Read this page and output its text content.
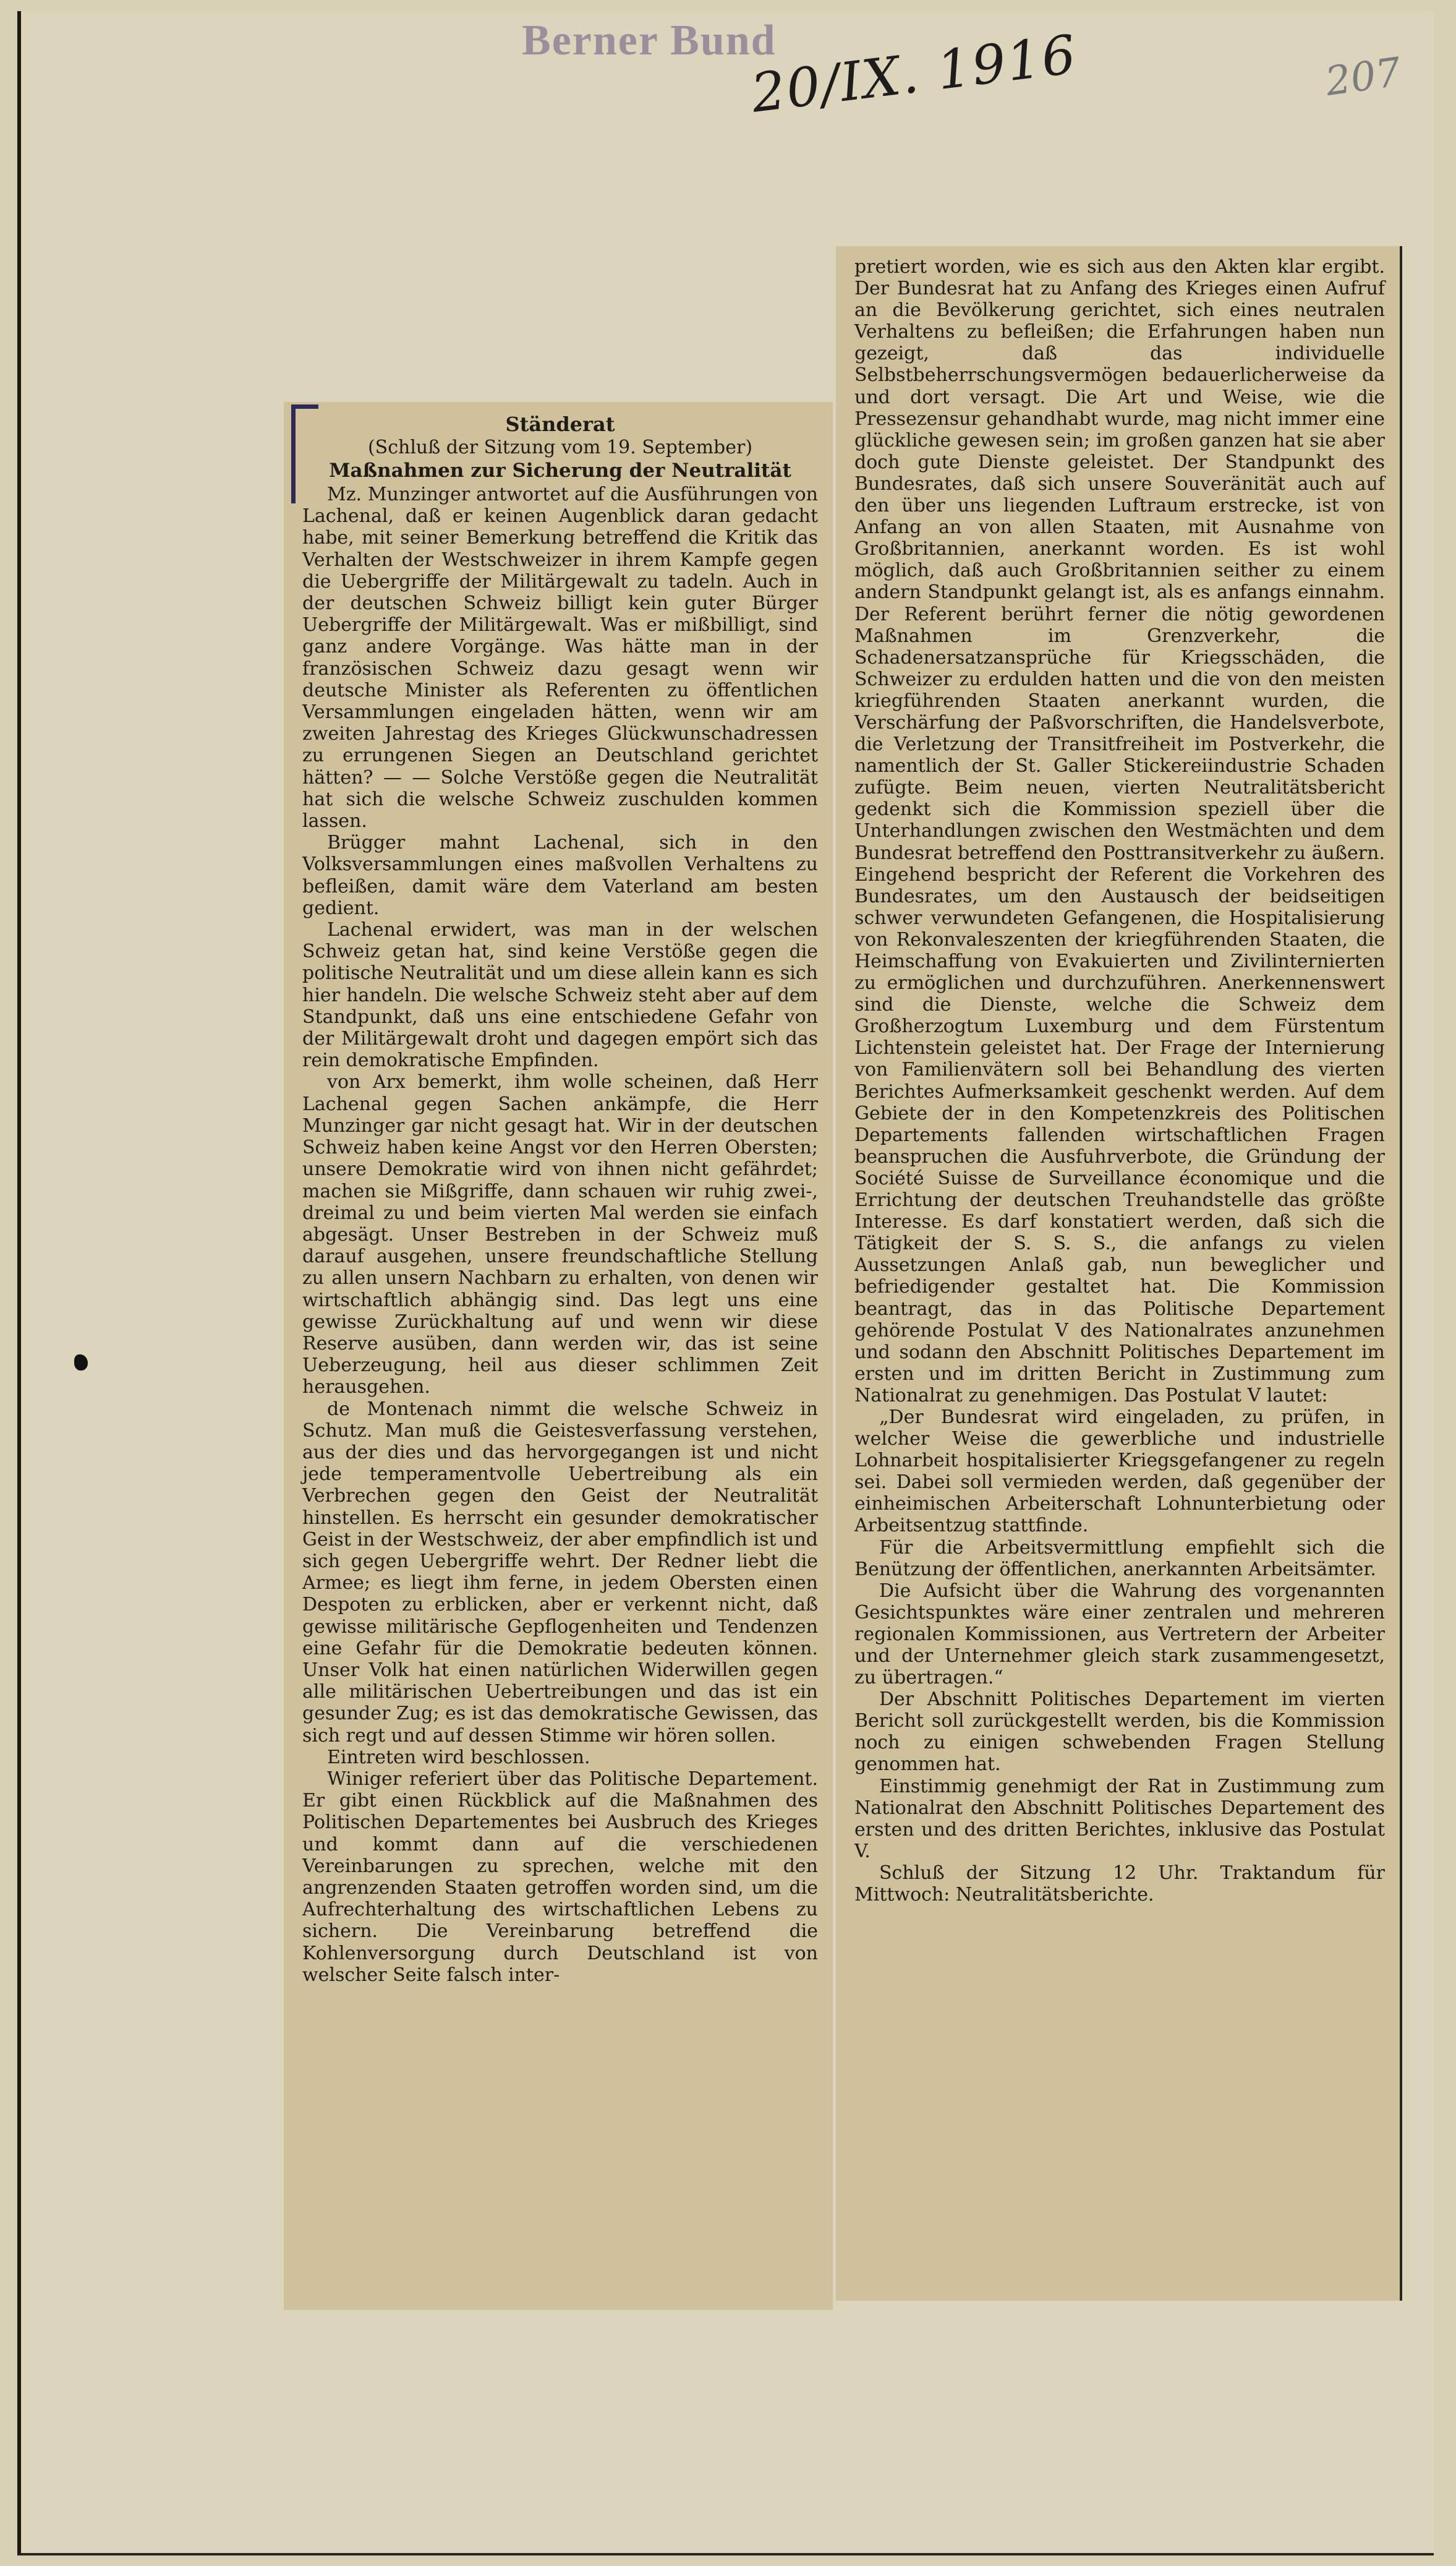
Berner Bund
20/IX. 1916	207
Ständerat
(Schluß der Sitzung vom 19. September)
Maßnahmen zur Sicherung der Neutralität

Mz. Munzinger antwortet auf die Ausführungen von Lachenal, daß er keinen Augenblick daran gedacht habe, mit seiner Bemerkung betreffend die Kritik das Verhalten der Westschweizer in ihrem Kampfe gegen die Uebergriffe der Militärgewalt zu tadeln. Auch in der deutschen Schweiz billigt kein guter Bürger Uebergriffe der Militärgewalt. Was er mißbilligt, sind ganz andere Vorgänge. Was hätte man in der französischen Schweiz dazu gesagt wenn wir deutsche Minister als Referenten zu öffentlichen Versammlungen eingeladen hätten, wenn wir am zweiten Jahrestag des Krieges Glückwunschadressen zu errungenen Siegen an Deutschland gerichtet hätten? — — Solche Verstöße gegen die Neutralität hat sich die welsche Schweiz zuschulden kommen lassen.

Brügger mahnt Lachenal, sich in den Volksversammlungen eines maßvollen Verhaltens zu befleißen, damit wäre dem Vaterland am besten gedient.

Lachenal erwidert, was man in der welschen Schweiz getan hat, sind keine Verstöße gegen die politische Neutralität und um diese allein kann es sich hier handeln. Die welsche Schweiz steht aber auf dem Standpunkt, daß uns eine entschiedene Gefahr von der Militärgewalt droht und dagegen empört sich das rein demokratische Empfinden.

von Arx bemerkt, ihm wolle scheinen, daß Herr Lachenal gegen Sachen ankämpfe, die Herr Munzinger gar nicht gesagt hat. Wir in der deutschen Schweiz haben keine Angst vor den Herren Obersten; unsere Demokratie wird von ihnen nicht gefährdet; machen sie Mißgriffe, dann schauen wir ruhig zwei-, dreimal zu und beim vierten Mal werden sie einfach abgesägt. Unser Bestreben in der Schweiz muß darauf ausgehen, unsere freundschaftliche Stellung zu allen unsern Nachbarn zu erhalten, von denen wir wirtschaftlich abhängig sind. Das legt uns eine gewisse Zurückhaltung auf und wenn wir diese Reserve ausüben, dann werden wir, das ist seine Ueberzeugung, heil aus dieser schlimmen Zeit herausgehen.

de Montenach nimmt die welsche Schweiz in Schutz. Man muß die Geistesverfassung verstehen, aus der dies und das hervorgegangen ist und nicht jede temperamentvolle Uebertreibung als ein Verbrechen gegen den Geist der Neutralität hinstellen. Es herrscht ein gesunder demokratischer Geist in der Westschweiz, der aber empfindlich ist und sich gegen Uebergriffe wehrt. Der Redner liebt die Armee; es liegt ihm ferne, in jedem Obersten einen Despoten zu erblicken, aber er verkennt nicht, daß gewisse militärische Gepflogenheiten und Tendenzen eine Gefahr für die Demokratie bedeuten können. Unser Volk hat einen natürlichen Widerwillen gegen alle militärischen Uebertreibungen und das ist ein gesunder Zug; es ist das demokratische Gewissen, das sich regt und auf dessen Stimme wir hören sollen.

Eintreten wird beschlossen.

Winiger referiert über das Politische Departement. Er gibt einen Rückblick auf die Maßnahmen des Politischen Departementes bei Ausbruch des Krieges und kommt dann auf die verschiedenen Vereinbarungen zu sprechen, welche mit den angrenzenden Staaten getroffen worden sind, um die Aufrechterhaltung des wirtschaftlichen Lebens zu sichern. Die Vereinbarung betreffend die Kohlenversorgung durch Deutschland ist von welscher Seite falsch inter-

pretiert worden, wie es sich aus den Akten klar ergibt. Der Bundesrat hat zu Anfang des Krieges einen Aufruf an die Bevölkerung gerichtet, sich eines neutralen Verhaltens zu befleißen; die Erfahrungen haben nun gezeigt, daß das individuelle Selbstbeherrschungsvermögen bedauerlicherweise da und dort versagt. Die Art und Weise, wie die Pressezensur gehandhabt wurde, mag nicht immer eine glückliche gewesen sein; im großen ganzen hat sie aber doch gute Dienste geleistet. Der Standpunkt des Bundesrates, daß sich unsere Souveränität auch auf den über uns liegenden Luftraum erstrecke, ist von Anfang an von allen Staaten, mit Ausnahme von Großbritannien, anerkannt worden. Es ist wohl möglich, daß auch Großbritannien seither zu einem andern Standpunkt gelangt ist, als es anfangs einnahm. Der Referent berührt ferner die nötig gewordenen Maßnahmen im Grenzverkehr, die Schadenersatzansprüche für Kriegsschäden, die Schweizer zu erdulden hatten und die von den meisten kriegführenden Staaten anerkannt wurden, die Verschärfung der Paßvorschriften, die Handelsverbote, die Verletzung der Transitfreiheit im Postverkehr, die namentlich der St. Galler Stickereiindustrie Schaden zufügte. Beim neuen, vierten Neutralitätsbericht gedenkt sich die Kommission speziell über die Unterhandlungen zwischen den Westmächten und dem Bundesrat betreffend den Posttransitverkehr zu äußern. Eingehend bespricht der Referent die Vorkehren des Bundesrates, um den Austausch der beidseitigen schwer verwundeten Gefangenen, die Hospitalisierung von Rekonvaleszenten der kriegführenden Staaten, die Heimschaffung von Evakuierten und Zivilinternierten zu ermöglichen und durchzuführen. Anerkennenswert sind die Dienste, welche die Schweiz dem Großherzogtum Luxemburg und dem Fürstentum Lichtenstein geleistet hat. Der Frage der Internierung von Familienvätern soll bei Behandlung des vierten Berichtes Aufmerksamkeit geschenkt werden. Auf dem Gebiete der in den Kompetenzkreis des Politischen Departements fallenden wirtschaftlichen Fragen beanspruchen die Ausfuhrverbote, die Gründung der Société Suisse de Surveillance économique und die Errichtung der deutschen Treuhandstelle das größte Interesse. Es darf konstatiert werden, daß sich die Tätigkeit der S. S. S., die anfangs zu vielen Aussetzungen Anlaß gab, nun beweglicher und befriedigender gestaltet hat. Die Kommission beantragt, das in das Politische Departement gehörende Postulat V des Nationalrates anzunehmen und sodann den Abschnitt Politisches Departement im ersten und im dritten Bericht in Zustimmung zum Nationalrat zu genehmigen. Das Postulat V lautet:

„Der Bundesrat wird eingeladen, zu prüfen, in welcher Weise die gewerbliche und industrielle Lohnarbeit hospitalisierter Kriegsgefangener zu regeln sei. Dabei soll vermieden werden, daß gegenüber der einheimischen Arbeiterschaft Lohnunterbietung oder Arbeitsentzug stattfinde.

Für die Arbeitsvermittlung empfiehlt sich die Benützung der öffentlichen, anerkannten Arbeitsämter.

Die Aufsicht über die Wahrung des vorgenannten Gesichtspunktes wäre einer zentralen und mehreren regionalen Kommissionen, aus Vertretern der Arbeiter und der Unternehmer gleich stark zusammengesetzt, zu übertragen.“

Der Abschnitt Politisches Departement im vierten Bericht soll zurückgestellt werden, bis die Kommission noch zu einigen schwebenden Fragen Stellung genommen hat.

Einstimmig genehmigt der Rat in Zustimmung zum Nationalrat den Abschnitt Politisches Departement des ersten und des dritten Berichtes, inklusive das Postulat V.

Schluß der Sitzung 12 Uhr. Traktandum für Mittwoch: Neutralitätsberichte.
